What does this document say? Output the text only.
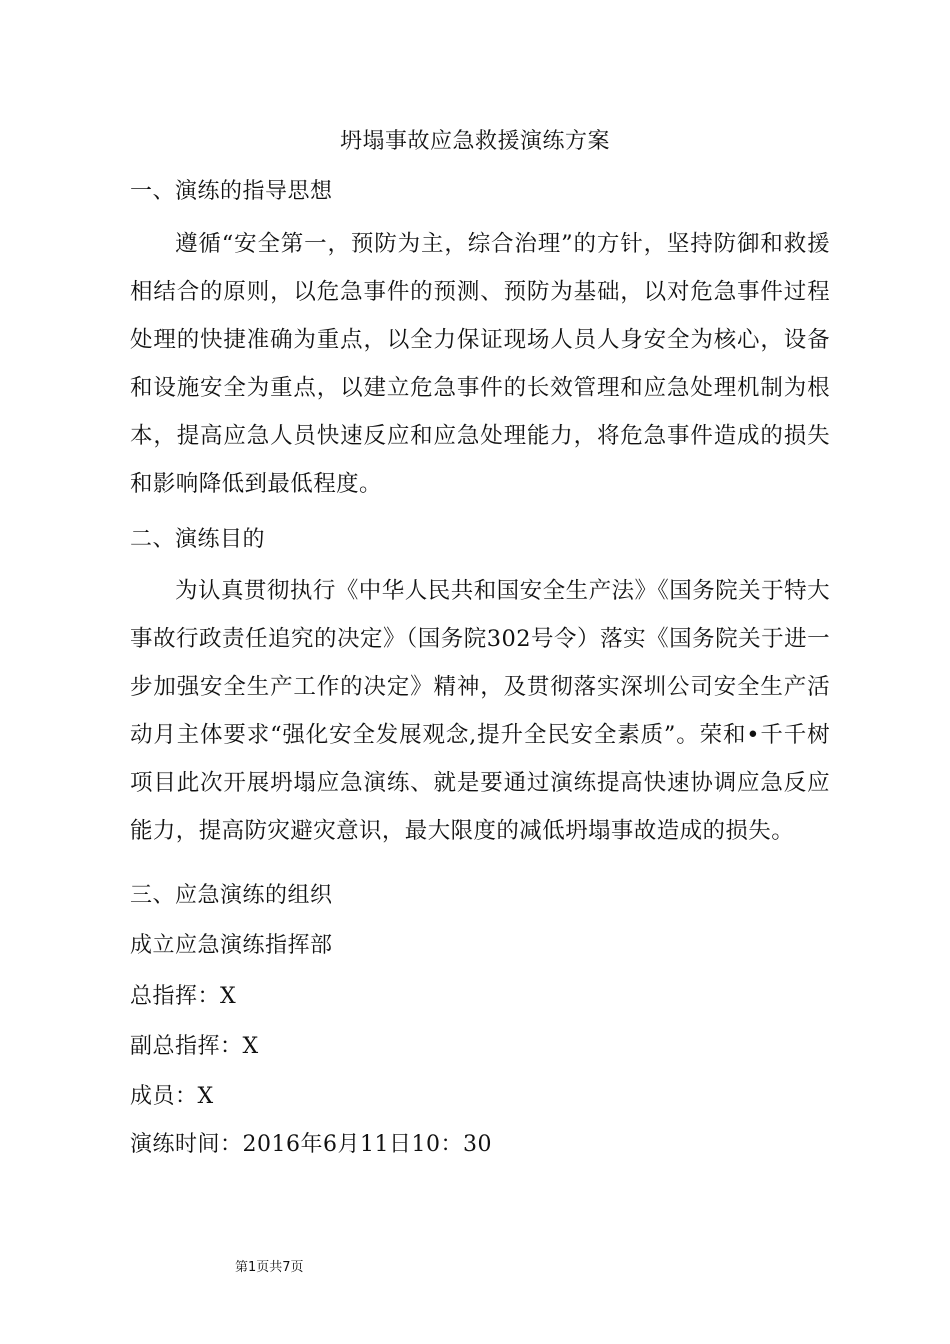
坍塌事故应急救援演练方案
一、演练的指导思想
遵循“安全第一，预防为主，综合治理”的方针，坚持防御和救援相结合的原则，以危急事件的预测、预防为基础，以对危急事件过程处理的快捷准确为重点，以全力保证现场人员人身安全为核心，设备和设施安全为重点，以建立危急事件的长效管理和应急处理机制为根本，提高应急人员快速反应和应急处理能力，将危急事件造成的损失和影响降低到最低程度。
二、演练目的
为认真贯彻执行《中华人民共和国安全生产法》《国务院关于特大事故行政责任追究的决定》（国务院302号令）落实《国务院关于进一步加强安全生产工作的决定》精神，及贯彻落实深圳公司安全生产活动月主体要求“强化安全发展观念,提升全民安全素质”。荣和•千千树项目此次开展坍塌应急演练、就是要通过演练提高快速协调应急反应能力，提高防灾避灾意识，最大限度的减低坍塌事故造成的损失。
三、应急演练的组织
成立应急演练指挥部
总指挥：X
副总指挥：X
成员：X
演练时间：2016年6月11日10：30
第1页共7页
